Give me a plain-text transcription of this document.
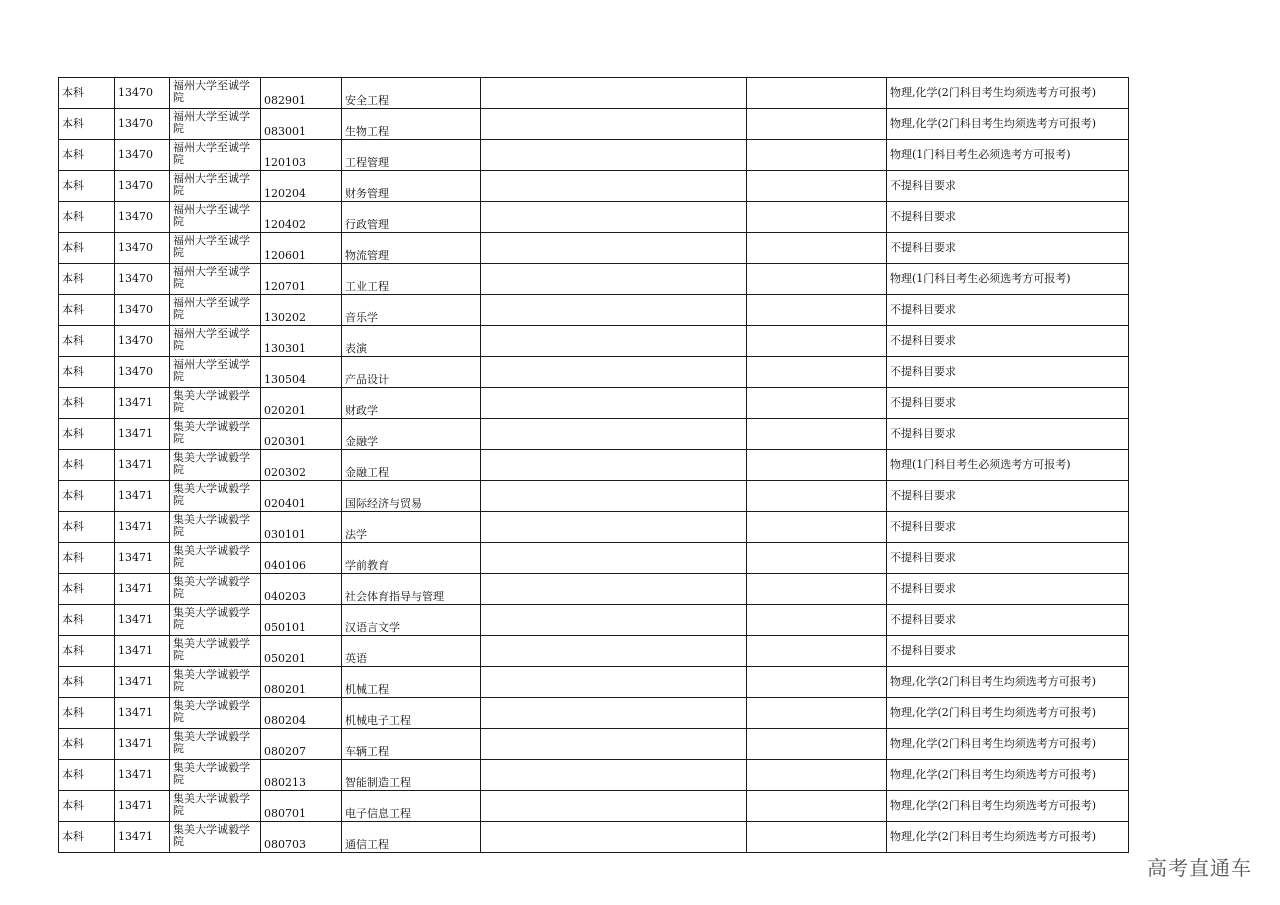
本科	13470	福州大学至诚学院	082901	安全工程			物理,化学(2门科目考生均须选考方可报考)
本科	13470	福州大学至诚学院	083001	生物工程			物理,化学(2门科目考生均须选考方可报考)
本科	13470	福州大学至诚学院	120103	工程管理			物理(1门科目考生必须选考方可报考)
本科	13470	福州大学至诚学院	120204	财务管理			不提科目要求
本科	13470	福州大学至诚学院	120402	行政管理			不提科目要求
本科	13470	福州大学至诚学院	120601	物流管理			不提科目要求
本科	13470	福州大学至诚学院	120701	工业工程			物理(1门科目考生必须选考方可报考)
本科	13470	福州大学至诚学院	130202	音乐学			不提科目要求
本科	13470	福州大学至诚学院	130301	表演			不提科目要求
本科	13470	福州大学至诚学院	130504	产品设计			不提科目要求
本科	13471	集美大学诚毅学院	020201	财政学			不提科目要求
本科	13471	集美大学诚毅学院	020301	金融学			不提科目要求
本科	13471	集美大学诚毅学院	020302	金融工程			物理(1门科目考生必须选考方可报考)
本科	13471	集美大学诚毅学院	020401	国际经济与贸易			不提科目要求
本科	13471	集美大学诚毅学院	030101	法学			不提科目要求
本科	13471	集美大学诚毅学院	040106	学前教育			不提科目要求
本科	13471	集美大学诚毅学院	040203	社会体育指导与管理			不提科目要求
本科	13471	集美大学诚毅学院	050101	汉语言文学			不提科目要求
本科	13471	集美大学诚毅学院	050201	英语			不提科目要求
本科	13471	集美大学诚毅学院	080201	机械工程			物理,化学(2门科目考生均须选考方可报考)
本科	13471	集美大学诚毅学院	080204	机械电子工程			物理,化学(2门科目考生均须选考方可报考)
本科	13471	集美大学诚毅学院	080207	车辆工程			物理,化学(2门科目考生均须选考方可报考)
本科	13471	集美大学诚毅学院	080213	智能制造工程			物理,化学(2门科目考生均须选考方可报考)
本科	13471	集美大学诚毅学院	080701	电子信息工程			物理,化学(2门科目考生均须选考方可报考)
本科	13471	集美大学诚毅学院	080703	通信工程			物理,化学(2门科目考生均须选考方可报考)
高考直通车
